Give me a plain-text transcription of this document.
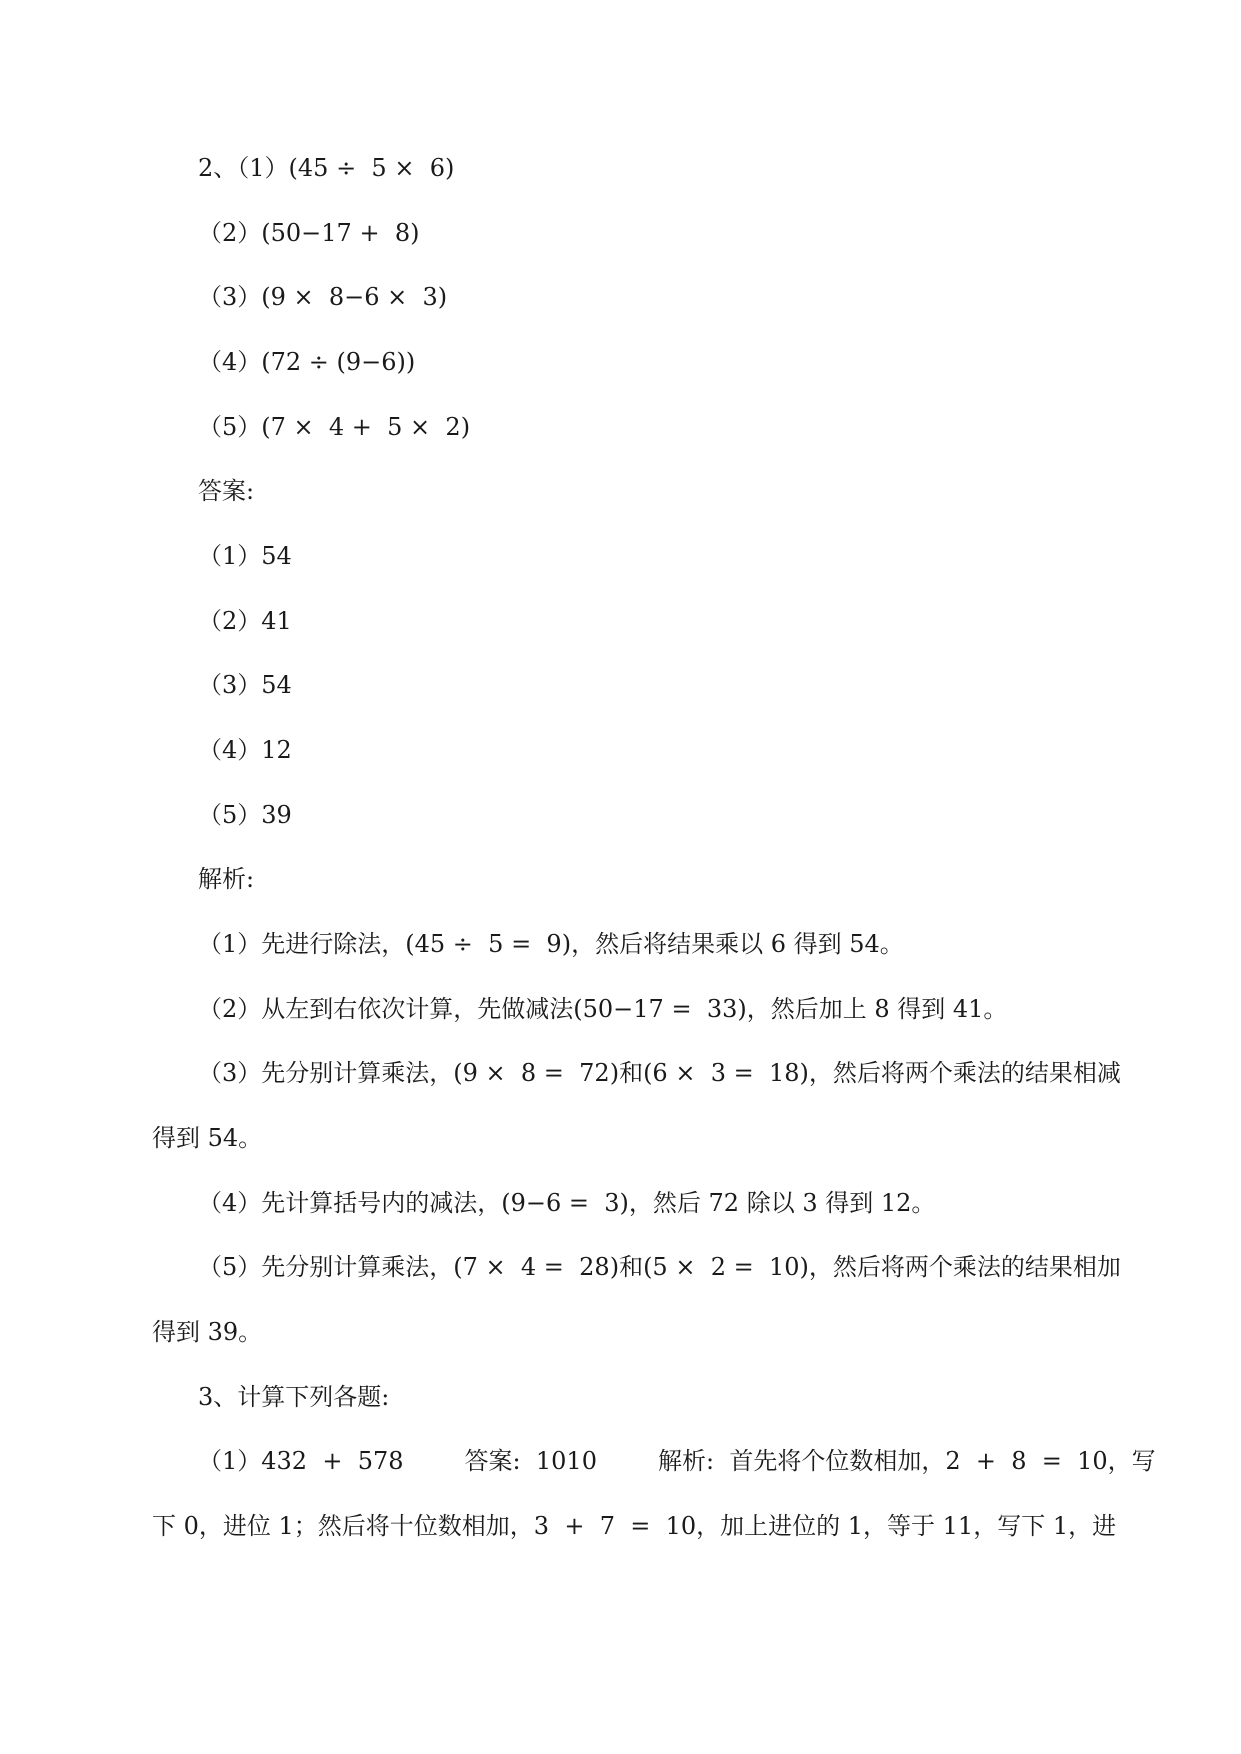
2、（1）(45 ÷  5 ×  6)
（2）(50−17 +  8)
（3）(9 ×  8−6 ×  3)
（4）(72 ÷ (9−6))
（5）(7 ×  4 +  5 ×  2)
答案:
（1）54
（2）41
（3）54
（4）12
（5）39
解析:
（1）先进行除法，(45 ÷  5 =  9)，然后将结果乘以 6 得到 54。
（2）从左到右依次计算，先做减法(50−17 =  33)，然后加上 8 得到 41。
（3）先分别计算乘法，(9 ×  8 =  72)和(6 ×  3 =  18)，然后将两个乘法的结果相减
得到 54。
（4）先计算括号内的减法，(9−6 =  3)，然后 72 除以 3 得到 12。
（5）先分别计算乘法，(7 ×  4 =  28)和(5 ×  2 =  10)，然后将两个乘法的结果相加
得到 39。
3、计算下列各题:
（1）432  +  578        答案:  1010        解析:  首先将个位数相加，2  +  8  =  10，写
下 0，进位 1；然后将十位数相加，3  +  7  =  10，加上进位的 1，等于 11，写下 1，进
